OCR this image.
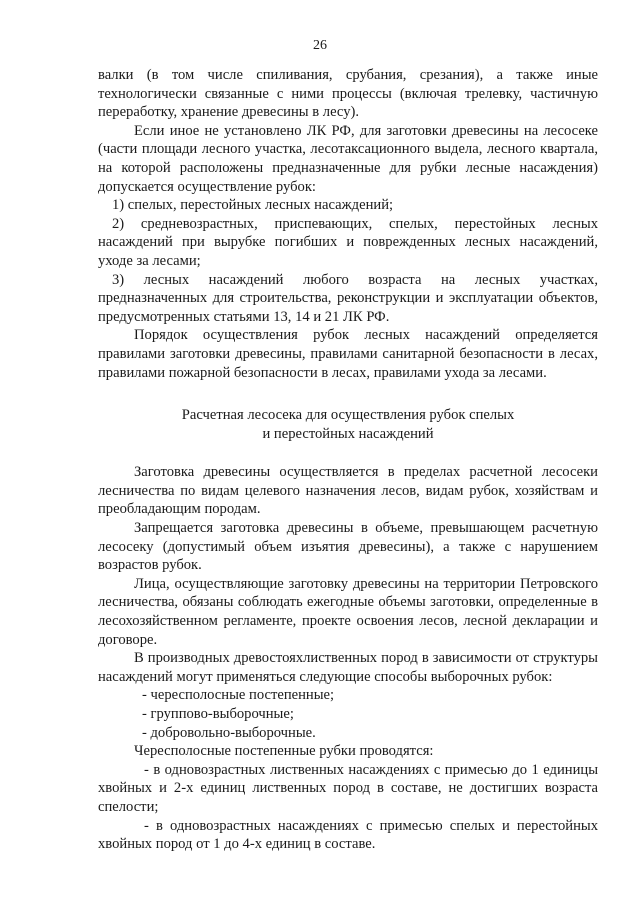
26

валки (в том числе спиливания, срубания, срезания), а также иные технологически связанные с ними процессы (включая трелевку, частичную переработку, хранение древесины в лесу).

Если иное не установлено ЛК РФ, для заготовки древесины на лесосеке (части площади лесного участка, лесотаксационного выдела, лесного квартала, на которой расположены предназначенные для рубки лесные насаждения) допускается осуществление рубок:

1) спелых, перестойных лесных насаждений;

2) средневозрастных, приспевающих, спелых, перестойных лесных насаждений при вырубке погибших и поврежденных лесных насаждений, уходе за лесами;

3) лесных насаждений любого возраста на лесных участках, предназначенных для строительства, реконструкции и эксплуатации объектов, предусмотренных статьями 13, 14 и 21 ЛК РФ.

Порядок осуществления рубок лесных насаждений определяется правилами заготовки древесины, правилами санитарной безопасности в лесах, правилами пожарной безопасности в лесах, правилами ухода за лесами.

Расчетная лесосека для осуществления рубок спелых
и перестойных насаждений

Заготовка древесины осуществляется в пределах расчетной лесосеки лесничества по видам целевого назначения лесов, видам рубок, хозяйствам и преобладающим породам.

Запрещается заготовка древесины в объеме, превышающем расчетную лесосеку (допустимый объем изъятия древесины), а также с нарушением возрастов рубок.

Лица, осуществляющие заготовку древесины на территории Петровского лесничества, обязаны соблюдать ежегодные объемы заготовки, определенные в лесохозяйственном регламенте, проекте освоения лесов, лесной декларации и договоре.

В производных древостояхлиственных пород в зависимости от структуры насаждений могут применяться следующие способы выборочных рубок:

- чересполосные постепенные;

- группово-выборочные;

- добровольно-выборочные.

Чересполосные постепенные рубки проводятся:

- в одновозрастных лиственных насаждениях с примесью до 1 единицы хвойных и 2-х единиц лиственных пород в составе, не достигших возраста спелости;

- в одновозрастных насаждениях с примесью спелых и перестойных хвойных пород от 1 до 4-х единиц в составе.
